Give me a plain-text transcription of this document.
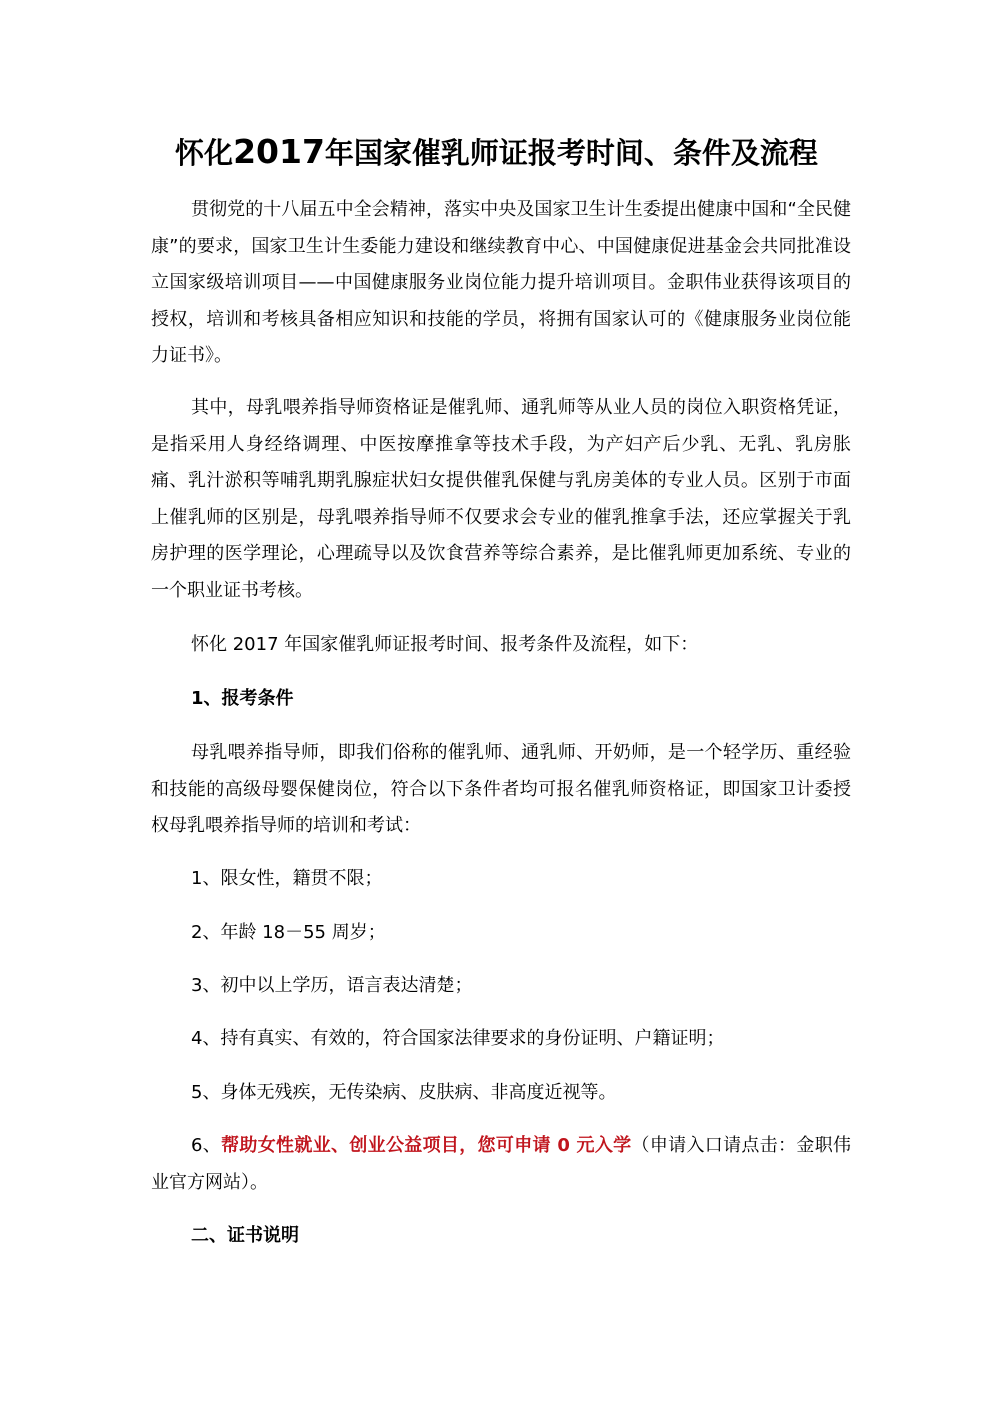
怀化2017年国家催乳师证报考时间、条件及流程

贯彻党的十八届五中全会精神，落实中央及国家卫生计生委提出健康中国和“全民健康”的要求，国家卫生计生委能力建设和继续教育中心、中国健康促进基金会共同批准设立国家级培训项目——中国健康服务业岗位能力提升培训项目。金职伟业获得该项目的授权，培训和考核具备相应知识和技能的学员，将拥有国家认可的《健康服务业岗位能力证书》。

其中，母乳喂养指导师资格证是催乳师、通乳师等从业人员的岗位入职资格凭证，是指采用人身经络调理、中医按摩推拿等技术手段，为产妇产后少乳、无乳、乳房胀痛、乳汁淤积等哺乳期乳腺症状妇女提供催乳保健与乳房美体的专业人员。区别于市面上催乳师的区别是，母乳喂养指导师不仅要求会专业的催乳推拿手法，还应掌握关于乳房护理的医学理论，心理疏导以及饮食营养等综合素养，是比催乳师更加系统、专业的一个职业证书考核。

怀化 2017 年国家催乳师证报考时间、报考条件及流程，如下：

1、报考条件

母乳喂养指导师，即我们俗称的催乳师、通乳师、开奶师，是一个轻学历、重经验和技能的高级母婴保健岗位，符合以下条件者均可报名催乳师资格证，即国家卫计委授权母乳喂养指导师的培训和考试：

1、限女性，籍贯不限；

2、年龄 18－55 周岁；

3、初中以上学历，语言表达清楚；

4、持有真实、有效的，符合国家法律要求的身份证明、户籍证明；

5、身体无残疾，无传染病、皮肤病、非高度近视等。

6、帮助女性就业、创业公益项目，您可申请 0 元入学（申请入口请点击：金职伟业官方网站）。

二、证书说明
